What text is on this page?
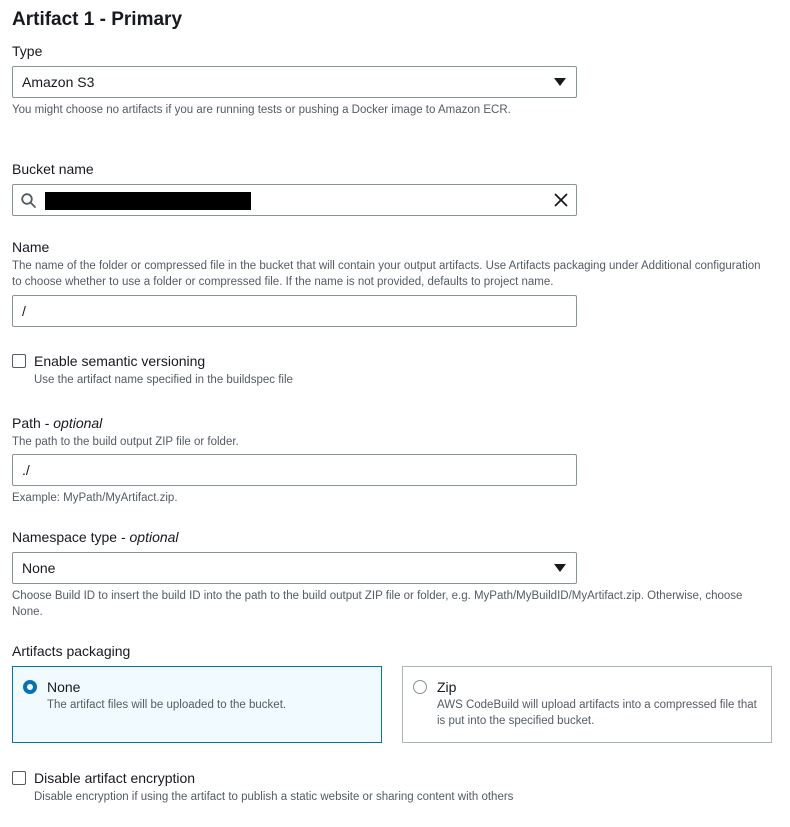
Artifact 1 - Primary
Type
Amazon S3
You might choose no artifacts if you are running tests or pushing a Docker image to Amazon ECR.
Bucket name
Name
The name of the folder or compressed file in the bucket that will contain your output artifacts. Use Artifacts packaging under Additional configuration to choose whether to use a folder or compressed file. If the name is not provided, defaults to project name.
/
Enable semantic versioning
Use the artifact name specified in the buildspec file
Path - optional
The path to the build output ZIP file or folder.
./
Example: MyPath/MyArtifact.zip.
Namespace type - optional
None
Choose Build ID to insert the build ID into the path to the build output ZIP file or folder, e.g. MyPath/MyBuildID/MyArtifact.zip. Otherwise, choose None.
Artifacts packaging
None
The artifact files will be uploaded to the bucket.
Zip
AWS CodeBuild will upload artifacts into a compressed file that is put into the specified bucket.
Disable artifact encryption
Disable encryption if using the artifact to publish a static website or sharing content with others
